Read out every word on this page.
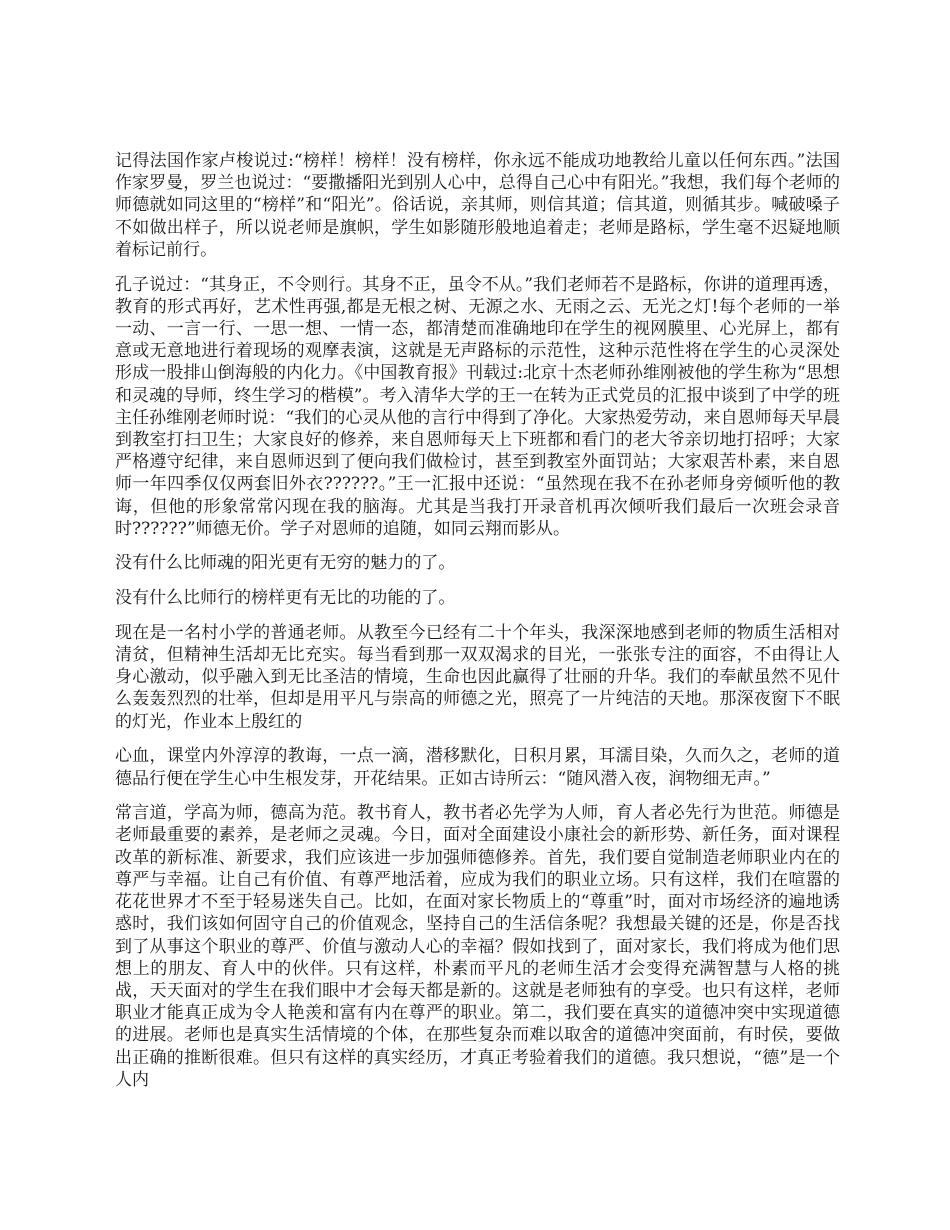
记得法国作家卢梭说过:“榜样！榜样！没有榜样，你永远不能成功地教给儿童以任何东西。”法国作家罗曼，罗兰也说过：“要撒播阳光到别人心中，总得自己心中有阳光。”我想，我们每个老师的师德就如同这里的“榜样”和“阳光”。俗话说，亲其师，则信其道；信其道，则循其步。喊破嗓子不如做出样子，所以说老师是旗帜，学生如影随形般地追着走；老师是路标，学生毫不迟疑地顺着标记前行。

孔子说过：“其身正，不令则行。其身不正，虽令不从。”我们老师若不是路标，你讲的道理再透，教育的形式再好，艺术性再强,都是无根之树、无源之水、无雨之云、无光之灯!每个老师的一举一动、一言一行、一思一想、一情一态，都清楚而准确地印在学生的视网膜里、心光屏上，都有意或无意地进行着现场的观摩表演，这就是无声路标的示范性，这种示范性将在学生的心灵深处形成一股排山倒海般的内化力。《中国教育报》刊载过:北京十杰老师孙维刚被他的学生称为“思想和灵魂的导师，终生学习的楷模”。考入清华大学的王一在转为正式党员的汇报中谈到了中学的班主任孙维刚老师时说：“我们的心灵从他的言行中得到了净化。大家热爱劳动，来自恩师每天早晨到教室打扫卫生；大家良好的修养，来自恩师每天上下班都和看门的老大爷亲切地打招呼；大家严格遵守纪律，来自恩师迟到了便向我们做检讨，甚至到教室外面罚站；大家艰苦朴素，来自恩师一年四季仅仅两套旧外衣??????。”王一汇报中还说：“虽然现在我不在孙老师身旁倾听他的教诲，但他的形象常常闪现在我的脑海。尤其是当我打开录音机再次倾听我们最后一次班会录音时??????”师德无价。学子对恩师的追随，如同云翔而影从。

没有什么比师魂的阳光更有无穷的魅力的了。

没有什么比师行的榜样更有无比的功能的了。

现在是一名村小学的普通老师。从教至今已经有二十个年头，我深深地感到老师的物质生活相对清贫，但精神生活却无比充实。每当看到那一双双渴求的目光，一张张专注的面容，不由得让人身心激动，似乎融入到无比圣洁的情境，生命也因此赢得了壮丽的升华。我们的奉献虽然不见什么轰轰烈烈的壮举，但却是用平凡与崇高的师德之光，照亮了一片纯洁的天地。那深夜窗下不眠的灯光，作业本上殷红的

心血，课堂内外淳淳的教诲，一点一滴，潜移默化，日积月累，耳濡目染，久而久之，老师的道德品行便在学生心中生根发芽，开花结果。正如古诗所云：“随风潜入夜，润物细无声。”

常言道，学高为师，德高为范。教书育人，教书者必先学为人师，育人者必先行为世范。师德是老师最重要的素养，是老师之灵魂。今日，面对全面建设小康社会的新形势、新任务，面对课程改革的新标准、新要求，我们应该进一步加强师德修养。首先，我们要自觉制造老师职业内在的尊严与幸福。让自己有价值、有尊严地活着，应成为我们的职业立场。只有这样，我们在喧嚣的花花世界才不至于轻易迷失自己。比如，在面对家长物质上的“尊重”时，面对市场经济的遍地诱惑时，我们该如何固守自己的价值观念，坚持自己的生活信条呢？我想最关键的还是，你是否找到了从事这个职业的尊严、价值与激动人心的幸福？假如找到了，面对家长，我们将成为他们思想上的朋友、育人中的伙伴。只有这样，朴素而平凡的老师生活才会变得充满智慧与人格的挑战，天天面对的学生在我们眼中才会每天都是新的。这就是老师独有的享受。也只有这样，老师职业才能真正成为令人艳羡和富有内在尊严的职业。第二，我们要在真实的道德冲突中实现道德的进展。老师也是真实生活情境的个体，在那些复杂而难以取舍的道德冲突面前，有时侯，要做出正确的推断很难。但只有这样的真实经历，才真正考验着我们的道德。我只想说，“德”是一个人内
